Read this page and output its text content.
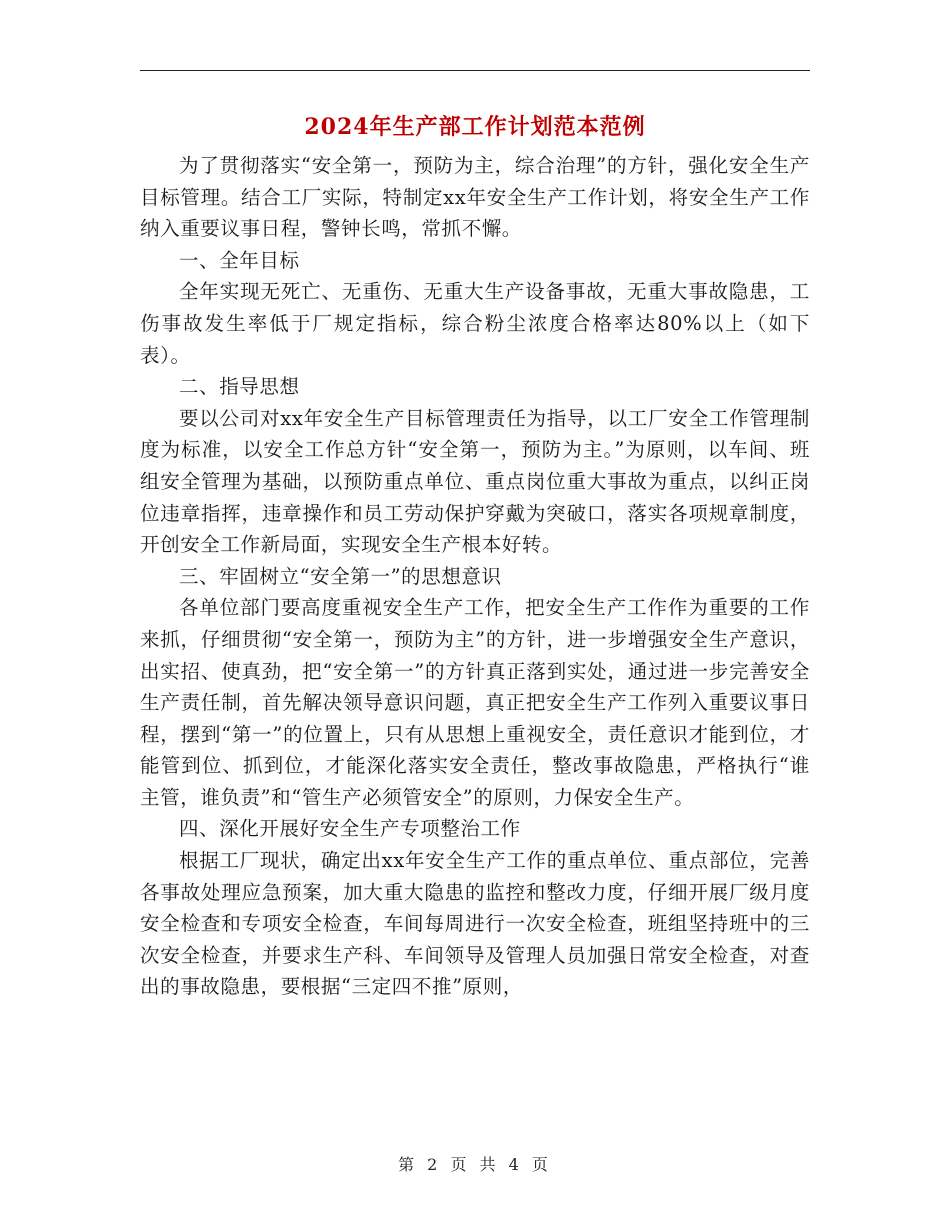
2024年生产部工作计划范本范例

为了贯彻落实“安全第一，预防为主，综合治理”的方针，强化安全生产目标管理。结合工厂实际，特制定xx年安全生产工作计划，将安全生产工作纳入重要议事日程，警钟长鸣，常抓不懈。

一、全年目标

全年实现无死亡、无重伤、无重大生产设备事故，无重大事故隐患，工伤事故发生率低于厂规定指标，综合粉尘浓度合格率达80%以上（如下表）。

二、指导思想

要以公司对xx年安全生产目标管理责任为指导，以工厂安全工作管理制度为标准，以安全工作总方针“安全第一，预防为主。”为原则，以车间、班组安全管理为基础，以预防重点单位、重点岗位重大事故为重点，以纠正岗位违章指挥，违章操作和员工劳动保护穿戴为突破口，落实各项规章制度，开创安全工作新局面，实现安全生产根本好转。

三、牢固树立“安全第一”的思想意识

各单位部门要高度重视安全生产工作，把安全生产工作作为重要的工作来抓，仔细贯彻“安全第一，预防为主”的方针，进一步增强安全生产意识，出实招、使真劲，把“安全第一”的方针真正落到实处，通过进一步完善安全生产责任制，首先解决领导意识问题，真正把安全生产工作列入重要议事日程，摆到“第一”的位置上，只有从思想上重视安全，责任意识才能到位，才能管到位、抓到位，才能深化落实安全责任，整改事故隐患，严格执行“谁主管，谁负责”和“管生产必须管安全”的原则，力保安全生产。

四、深化开展好安全生产专项整治工作

根据工厂现状，确定出xx年安全生产工作的重点单位、重点部位，完善各事故处理应急预案，加大重大隐患的监控和整改力度，仔细开展厂级月度安全检查和专项安全检查，车间每周进行一次安全检查，班组坚持班中的三次安全检查，并要求生产科、车间领导及管理人员加强日常安全检查，对查出的事故隐患，要根据“三定四不推”原则，

第 2 页 共 4 页
